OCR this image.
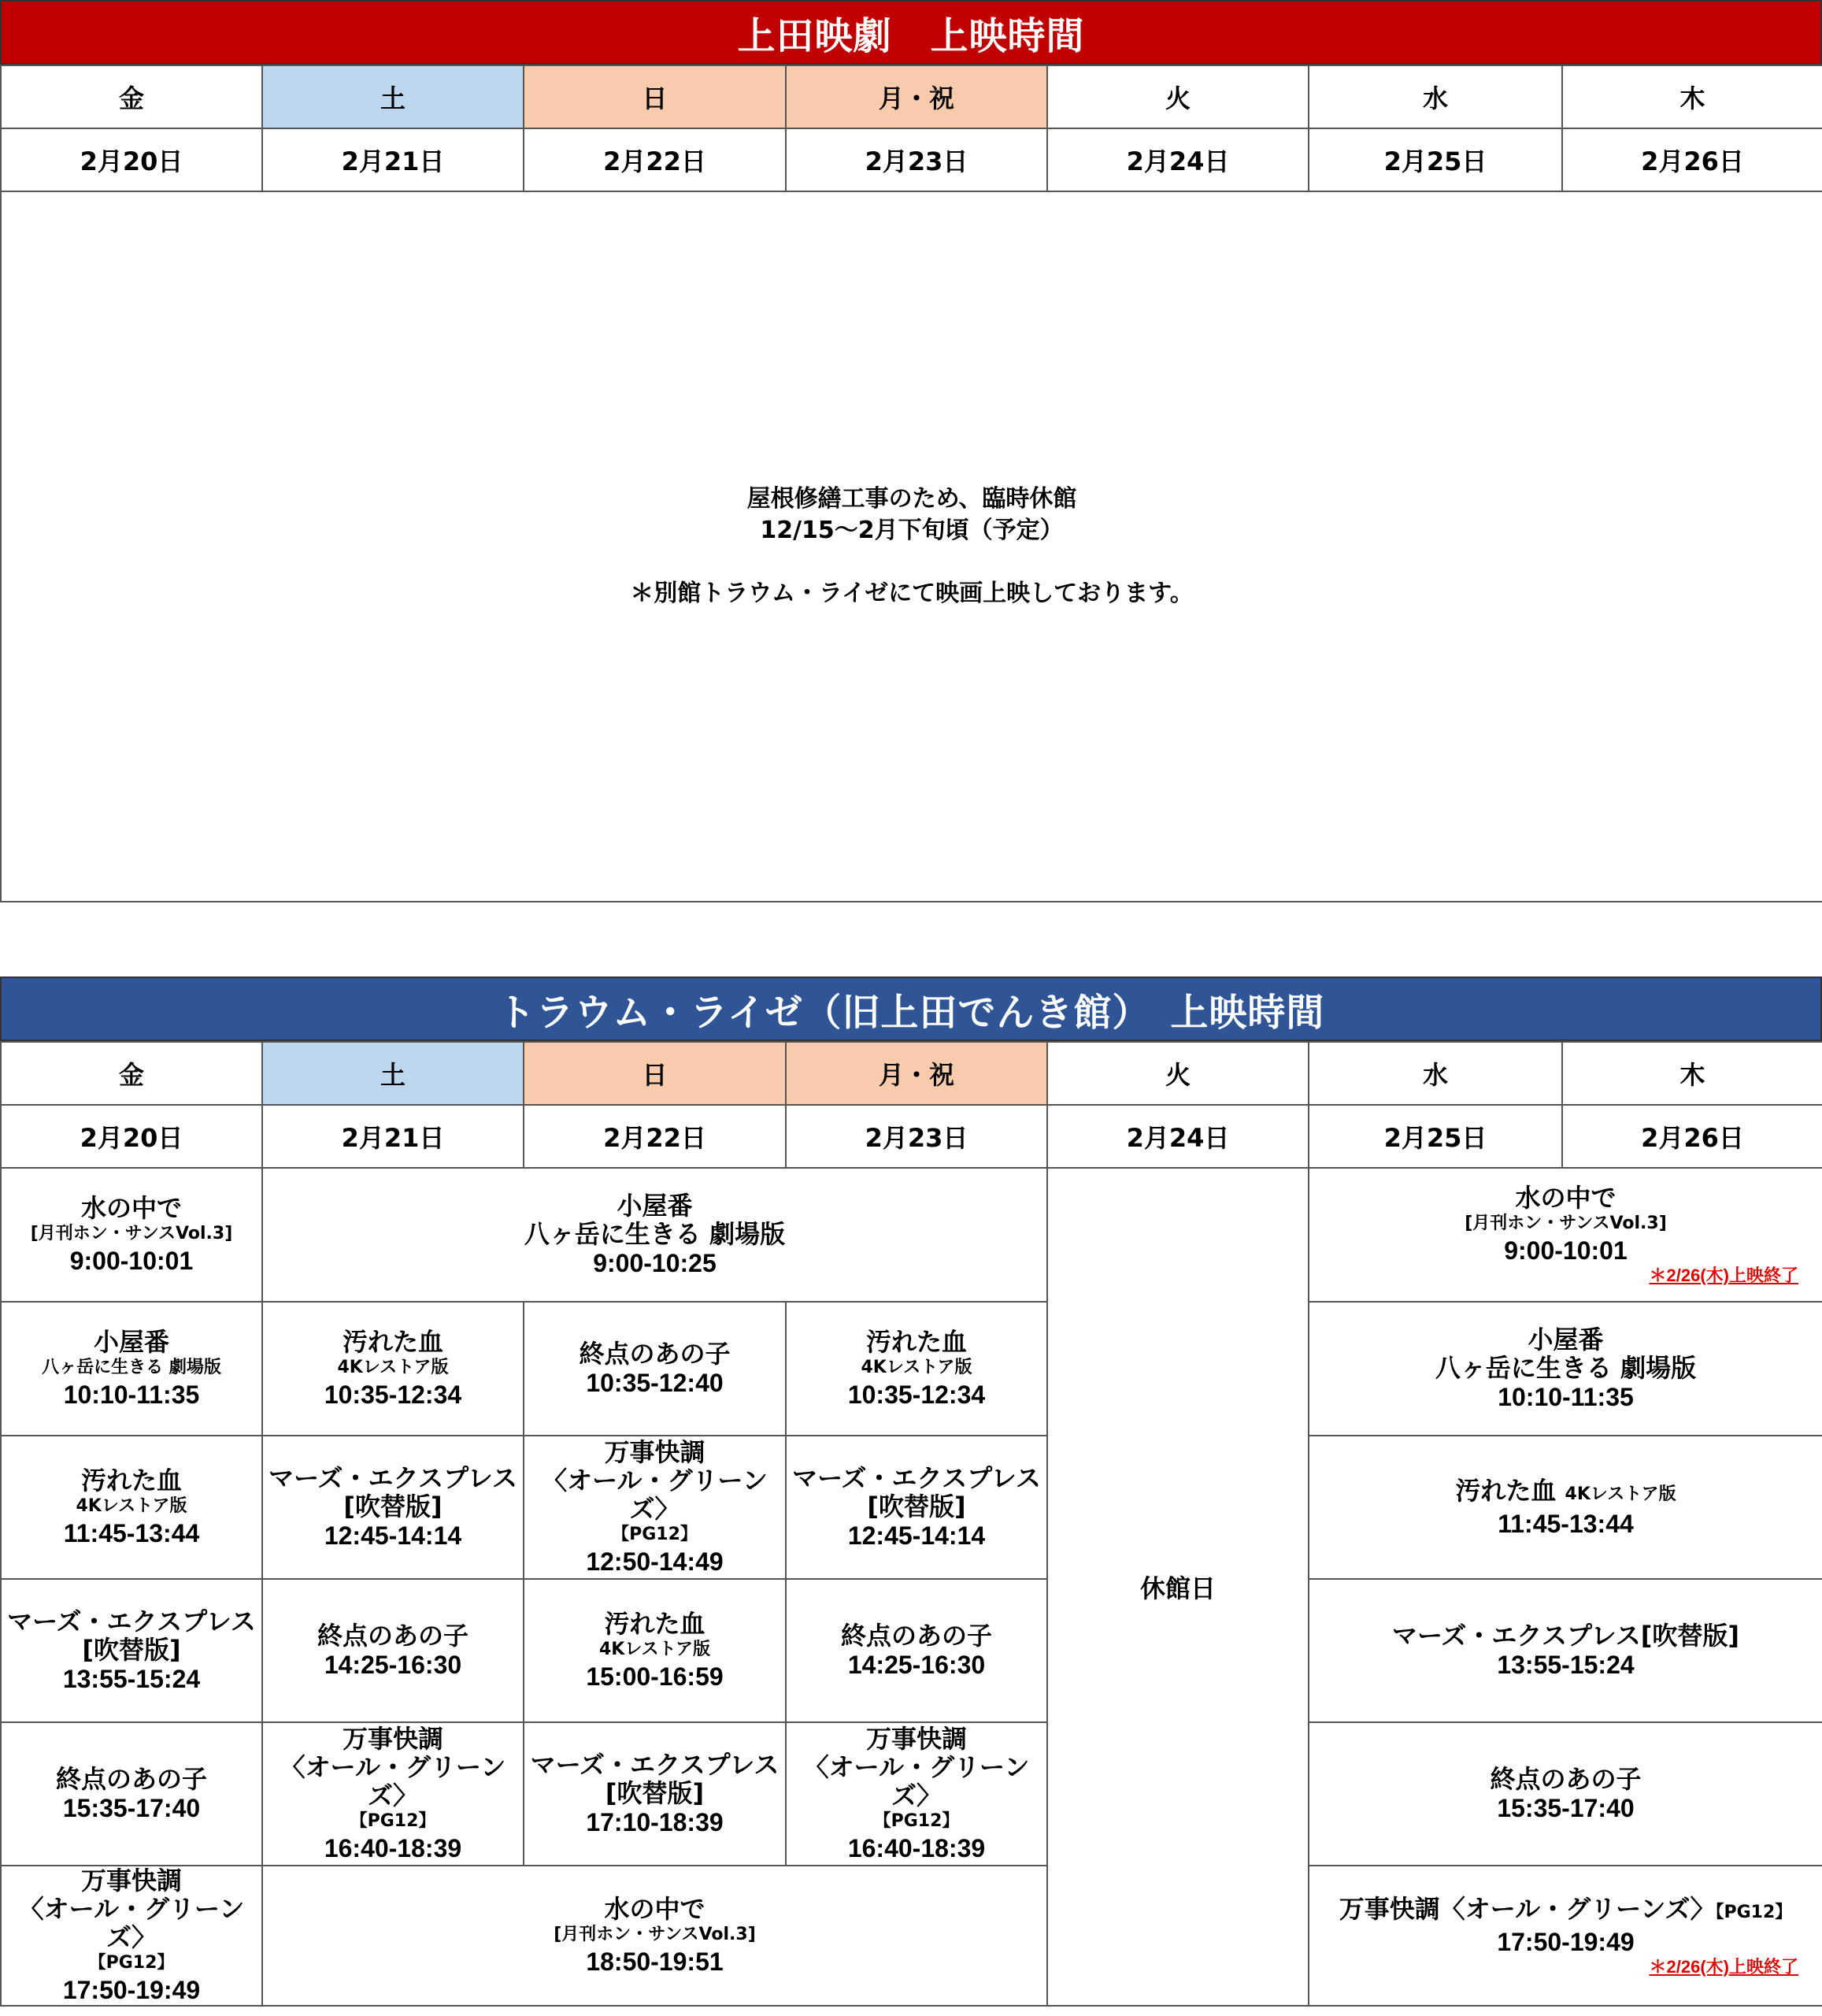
上田映劇　上映時間
金	土	日	月・祝	火	水	木
2月20日	2月21日	2月22日	2月23日	2月24日	2月25日	2月26日

屋根修繕工事のため、臨時休館
12/15～2月下旬頃（予定）
＊別館トラウム・ライゼにて映画上映しております。						
トラウム・ライゼ（旧上田でんき館）　上映時間
金	土	日	月・祝	火	水	木
2月20日	2月21日	2月22日	2月23日	2月24日	2月25日	2月26日

水の中で
[月刊ホン・サンスVol.3]
9:00-10:01	小屋番
八ヶ岳に生きる 劇場版
9:00-10:25			休館日	水の中で
[月刊ホン・サンスVol.3]
9:00-10:01
＊2/26(木)上映終了	

小屋番
八ヶ岳に生きる 劇場版
10:10-11:35	汚れた血
4Kレストア版
10:35-12:34	終点のあの子
10:35-12:40	汚れた血
4Kレストア版
10:35-12:34		小屋番
八ヶ岳に生きる 劇場版
10:10-11:35	

汚れた血
4Kレストア版
11:45-13:44	マーズ・エクスプレス
[吹替版]
12:45-14:14	万事快調
〈オール・グリーンズ〉
【PG12】
12:50-14:49	マーズ・エクスプレス
[吹替版]
12:45-14:14		汚れた血 4Kレストア版
11:45-13:44	

マーズ・エクスプレス
[吹替版]
13:55-15:24	終点のあの子
14:25-16:30	汚れた血
4Kレストア版
15:00-16:59	終点のあの子
14:25-16:30		マーズ・エクスプレス[吹替版]
13:55-15:24	

終点のあの子
15:35-17:40	万事快調
〈オール・グリーンズ〉
【PG12】
16:40-18:39	マーズ・エクスプレス
[吹替版]
17:10-18:39	万事快調
〈オール・グリーンズ〉
【PG12】
16:40-18:39		終点のあの子
15:35-17:40	

万事快調
〈オール・グリーンズ〉
【PG12】
17:50-19:49	水の中で
[月刊ホン・サンスVol.3]
18:50-19:51				万事快調〈オール・グリーンズ〉【PG12】
17:50-19:49
＊2/26(木)上映終了	
